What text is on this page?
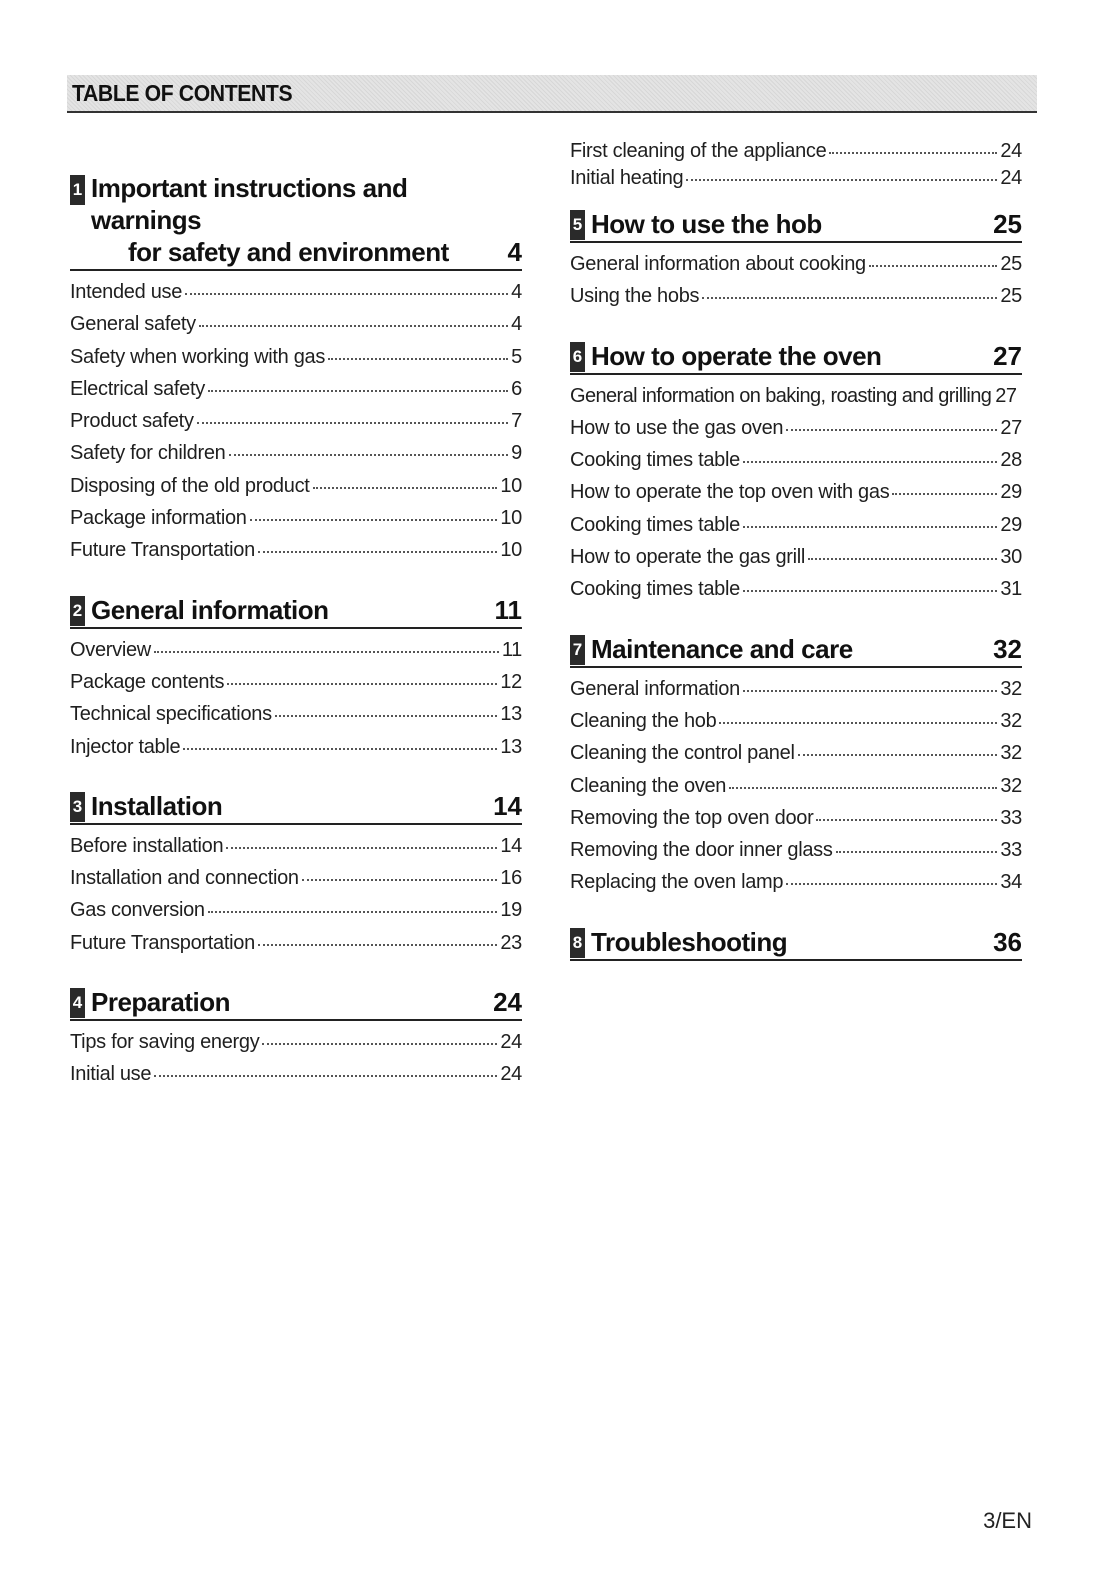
TABLE OF CONTENTS
1 Important instructions and warnings
for safety and environment	4
Intended use	4
General safety	4
Safety when working with gas	5
Electrical safety	6
Product safety	7
Safety for children	9
Disposing of the old product	10
Package information	10
Future Transportation	10
2 General information	11
Overview	11
Package contents	12
Technical specifications	13
Injector table	13
3 Installation	14
Before installation	14
Installation and connection	16
Gas conversion	19
Future Transportation	23
4 Preparation	24
Tips for saving energy	24
Initial use	24
First cleaning of the appliance	24
Initial heating	24
5 How to use the hob	25
General information about cooking	25
Using the hobs	25
6 How to operate the oven	27
General information on baking, roasting and grilling 27
How to use the gas oven	27
Cooking times table	28
How to operate the top oven with gas	29
Cooking times table	29
How to operate the gas grill	30
Cooking times table	31
7 Maintenance and care	32
General information	32
Cleaning the hob	32
Cleaning the control panel	32
Cleaning the oven	32
Removing the top oven door	33
Removing the door inner glass	33
Replacing the oven lamp	34
8 Troubleshooting	36
3/EN
